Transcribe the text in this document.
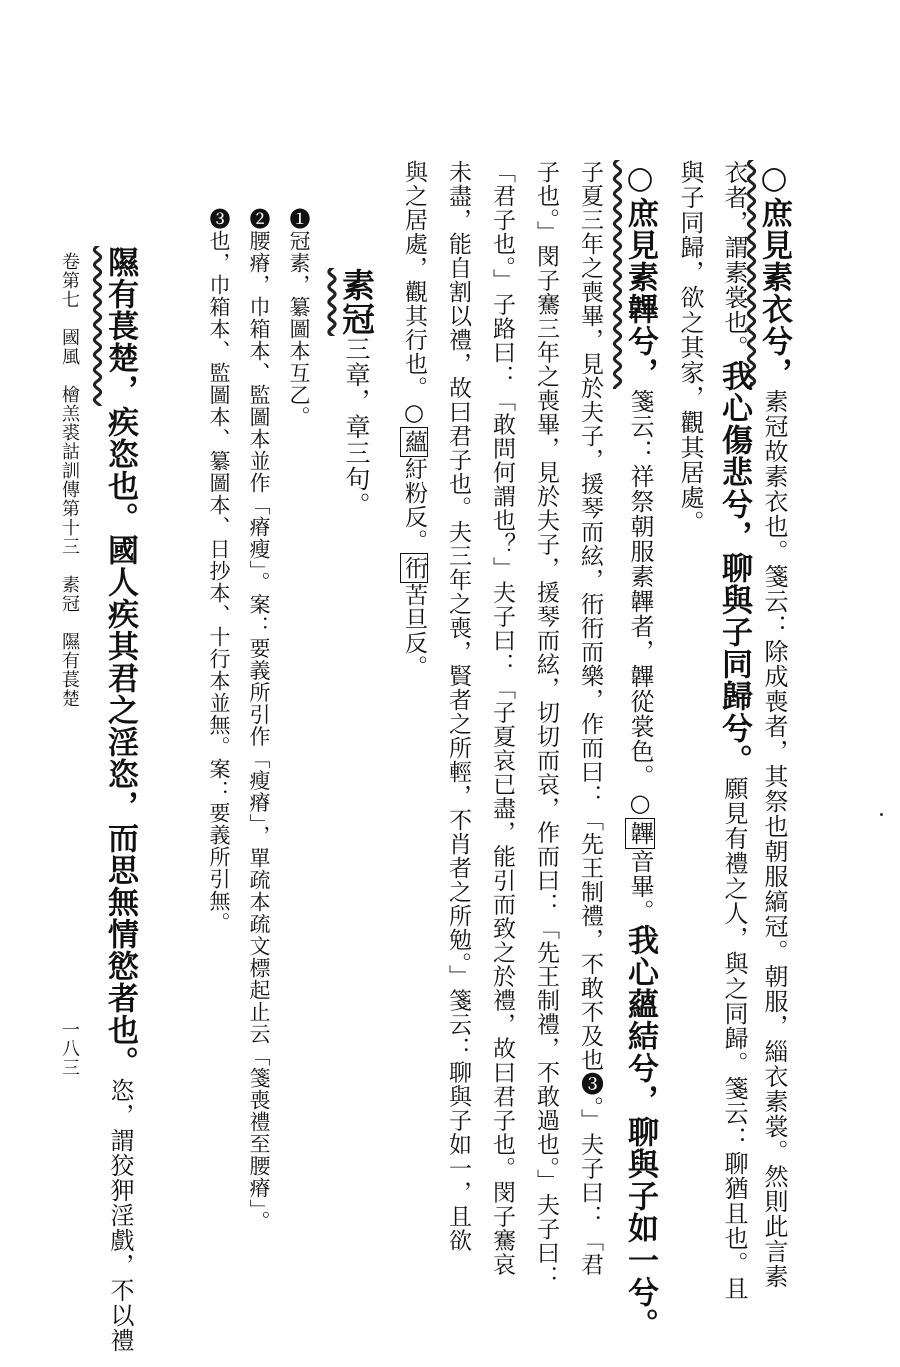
○庶見素衣兮，素冠故素衣也。箋云：除成喪者，其祭也朝服縞冠。朝服，緇衣素裳。然則此言素
衣者，謂素裳也。我心傷悲兮，聊與子同歸兮。願見有禮之人，與之同歸。箋云：聊猶且也。且
與子同歸，欲之其家，觀其居處。
○庶見素韠兮，箋云：祥祭朝服素韠者，韠從裳色。○韠音畢。我心蘊結兮，聊與子如一兮。
子夏三年之喪畢，見於夫子，援琴而絃，衎衎而樂，作而曰：「先王制禮，不敢不及也❸。」夫子曰：「君
子也。」閔子騫三年之喪畢，見於夫子，援琴而絃，切切而哀，作而曰：「先王制禮，不敢過也。」夫子曰：
「君子也。」子路曰：「敢問何謂也？」夫子曰：「子夏哀已盡，能引而致之於禮，故曰君子也。閔子騫哀
未盡，能自割以禮，故曰君子也。夫三年之喪，賢者之所輕，不肖者之所勉。」箋云：聊與子如一，且欲
與之居處，觀其行也。○蘊紆粉反。衎苦旦反。
素冠三章，章三句。
❶冠素，纂圖本互乙。
❷腰瘠，巾箱本、監圖本並作「瘠瘦」。案：要義所引作「瘦瘠」，單疏本疏文標起止云「箋喪禮至腰瘠」。
❸也，巾箱本、監圖本、纂圖本、日抄本、十行本並無。案：要義所引無。
隰有萇楚，疾恣也。國人疾其君之淫恣，而思無情慾者也。恣，謂狡狎淫戲，不以禮
卷第七　國風　檜羔裘詁訓傳第十三　素冠　隰有萇楚
一八三
